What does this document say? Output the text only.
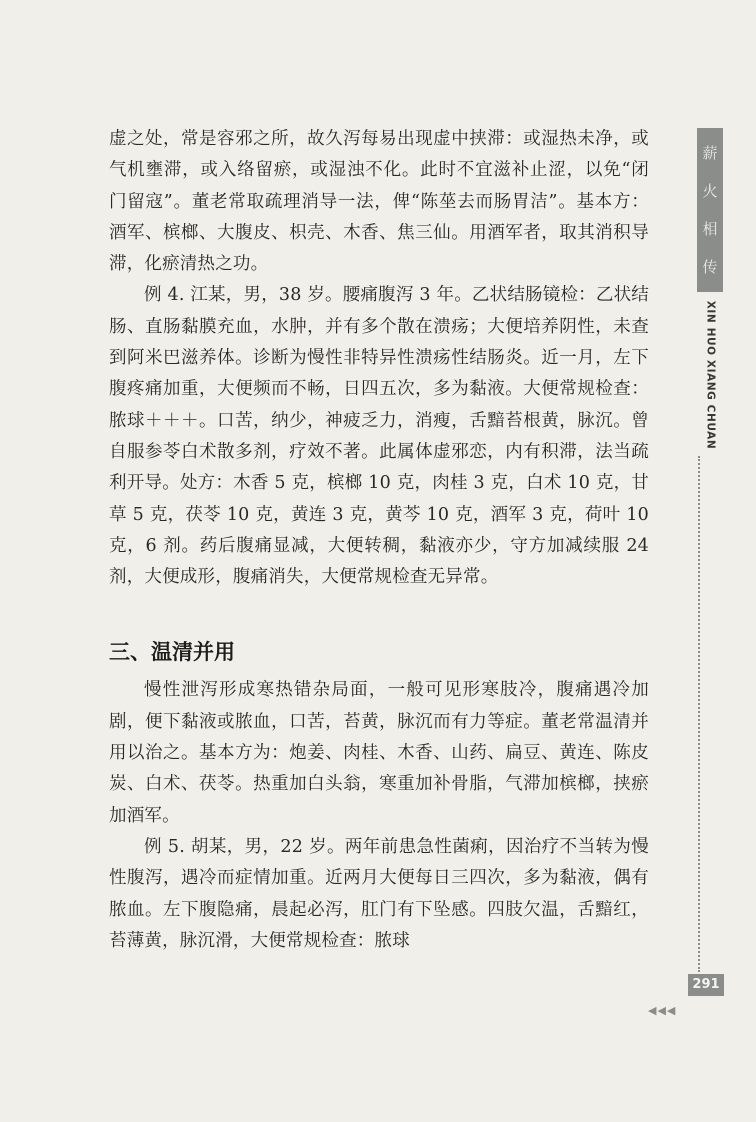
虚之处，常是容邪之所，故久泻每易出现虚中挟滞：或湿热未净，或气机壅滞，或入络留瘀，或湿浊不化。此时不宜滋补止涩，以免“闭门留寇”。董老常取疏理消导一法，俾“陈莝去而肠胃洁”。基本方：酒军、槟榔、大腹皮、枳壳、木香、焦三仙。用酒军者，取其消积导滞，化瘀清热之功。

例 4. 江某，男，38 岁。腰痛腹泻 3 年。乙状结肠镜检：乙状结肠、直肠黏膜充血，水肿，并有多个散在溃疡；大便培养阴性，未查到阿米巴滋养体。诊断为慢性非特异性溃疡性结肠炎。近一月，左下腹疼痛加重，大便频而不畅，日四五次，多为黏液。大便常规检查：脓球＋＋＋。口苦，纳少，神疲乏力，消瘦，舌黯苔根黄，脉沉。曾自服参苓白术散多剂，疗效不著。此属体虚邪恋，内有积滞，法当疏利开导。处方：木香 5 克，槟榔 10 克，肉桂 3 克，白术 10 克，甘草 5 克，茯苓 10 克，黄连 3 克，黄芩 10 克，酒军 3 克，荷叶 10 克，6 剂。药后腹痛显减，大便转稠，黏液亦少，守方加减续服 24 剂，大便成形，腹痛消失，大便常规检查无异常。

三、温清并用

慢性泄泻形成寒热错杂局面，一般可见形寒肢冷，腹痛遇冷加剧，便下黏液或脓血，口苦，苔黄，脉沉而有力等症。董老常温清并用以治之。基本方为：炮姜、肉桂、木香、山药、扁豆、黄连、陈皮炭、白术、茯苓。热重加白头翁，寒重加补骨脂，气滞加槟榔，挟瘀加酒军。

例 5. 胡某，男，22 岁。两年前患急性菌痢，因治疗不当转为慢性腹泻，遇冷而症情加重。近两月大便每日三四次，多为黏液，偶有脓血。左下腹隐痛，晨起必泻，肛门有下坠感。四肢欠温，舌黯红，苔薄黄，脉沉滑，大便常规检查：脓球

薪
火
相
传
XIN HUO XIANG CHUAN
291
◀◀◀
